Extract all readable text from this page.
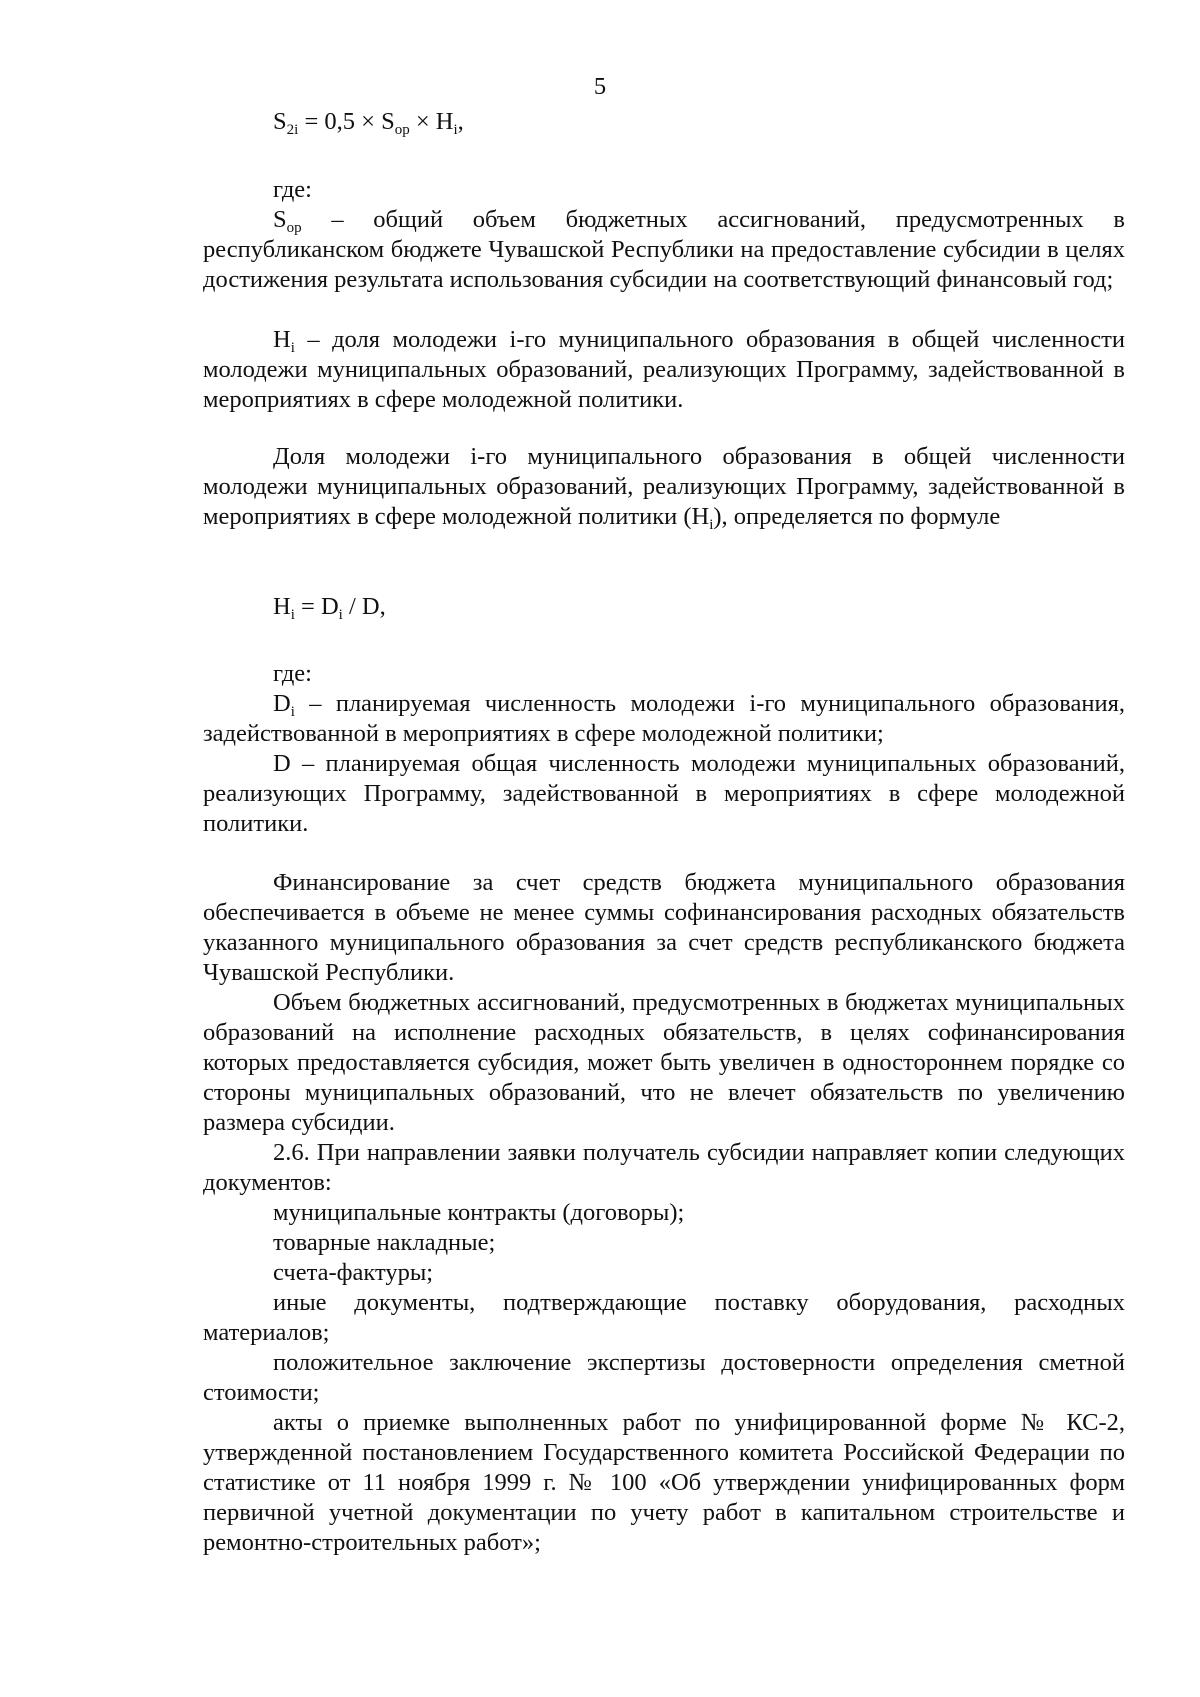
5
$S_{2i} = 0,5 \times S_{ор} \times H_i$,
где:

$S_{ор}$ – общий объем бюджетных ассигнований, предусмотренных в республиканском бюджете Чувашской Республики на предоставление субсидии в целях достижения результата использования субсидии на соответствующий финансовый год;

$H_i$ – доля молодежи i-го муниципального образования в общей численности молодежи муниципальных образований, реализующих Программу, задействованной в мероприятиях в сфере молодежной политики.

Доля молодежи i-го муниципального образования в общей численности молодежи муниципальных образований, реализующих Программу, задействованной в мероприятиях в сфере молодежной политики $(H_i)$, определяется по формуле

$H_i = D_i / D$,
где:

$D_i$ – планируемая численность молодежи i-го муниципального образования, задействованной в мероприятиях в сфере молодежной политики;

D – планируемая общая численность молодежи муниципальных образований, реализующих Программу, задействованной в мероприятиях в сфере молодежной политики.

Финансирование за счет средств бюджета муниципального образования обеспечивается в объеме не менее суммы софинансирования расходных обязательств указанного муниципального образования за счет средств республиканского бюджета Чувашской Республики.

Объем бюджетных ассигнований, предусмотренных в бюджетах муниципальных образований на исполнение расходных обязательств, в целях софинансирования которых предоставляется субсидия, может быть увеличен в одностороннем порядке со стороны муниципальных образований, что не влечет обязательств по увеличению размера субсидии.

2.6. При направлении заявки получатель субсидии направляет копии следующих документов:

муниципальные контракты (договоры);

товарные накладные;

счета-фактуры;

иные документы, подтверждающие поставку оборудования, расходных материалов;

положительное заключение экспертизы достоверности определения сметной стоимости;

акты о приемке выполненных работ по унифицированной форме № КС-2, утвержденной постановлением Государственного комитета Российской Федерации по статистике от 11 ноября 1999 г. № 100 «Об утверждении унифицированных форм первичной учетной документации по учету работ в капитальном строительстве и ремонтно-строительных работ»;
